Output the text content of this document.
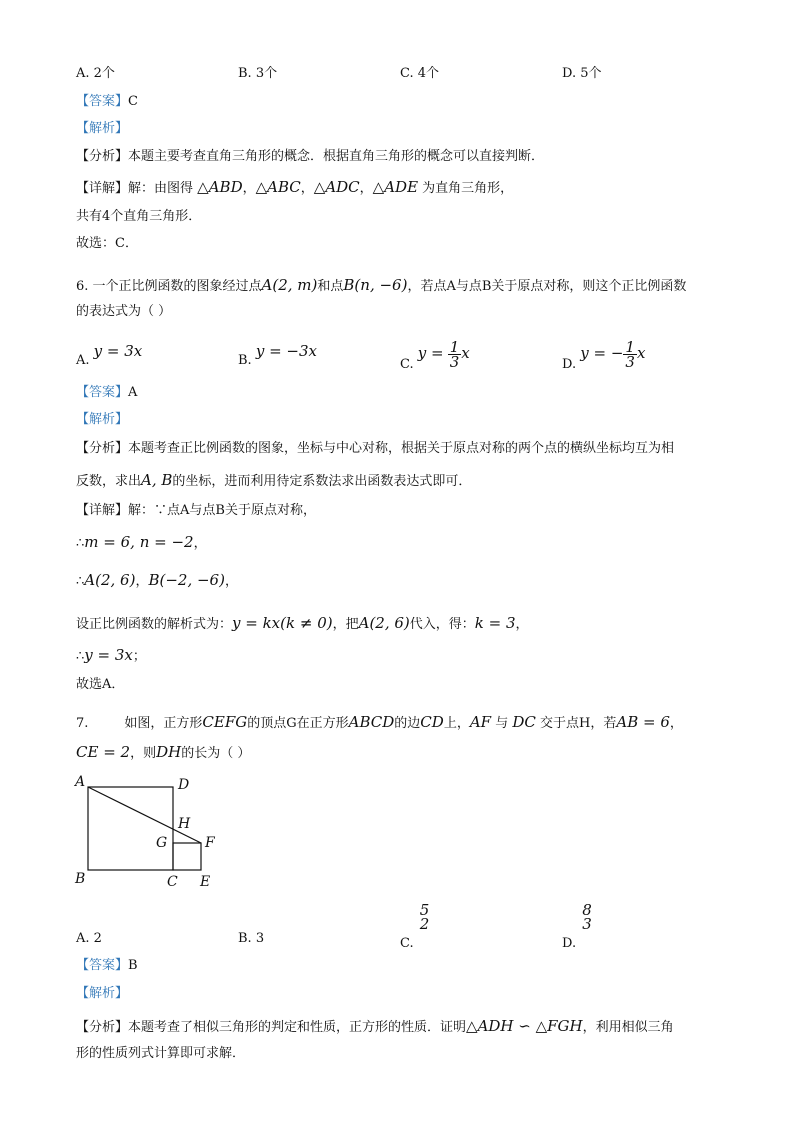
A. 2个	B. 3个	C. 4个	D. 5个
【答案】C
【解析】
【分析】本题主要考查直角三角形的概念．根据直角三角形的概念可以直接判断．
【详解】解：由图得 △ABD，△ABC，△ADC，△ADE 为直角三角形，
共有4个直角三角形．
故选：C．
6. 一个正比例函数的图象经过点A(2, m)和点B(n, −6)，若点A与点B关于原点对称，则这个正比例函数
的表达式为（ ）
A. y = 3x
B. y = −3x
C. $y = \frac{1}{3}$ x
D. y = − $\frac{1}{3}$ x
【答案】A
【解析】
【分析】本题考查正比例函数的图象，坐标与中心对称，根据关于原点对称的两个点的横纵坐标均互为相
反数，求出A, B的坐标，进而利用待定系数法求出函数表达式即可．
【详解】解：∵点A与点B关于原点对称，
∴m = 6, n = −2，
∴A(2, 6)，B(−2, −6)，
设正比例函数的解析式为：y = kx(k ≠ 0)，把A(2, 6)代入，得：k = 3，
∴y = 3x；
故选A．
7.	如图，正方形CEFG的顶点G在正方形ABCD的边CD上，AF 与 DC 交于点H，若AB = 6，
CE = 2，则DH的长为（ ）
A	D
H
G	F
B	C E
A. 2	B. 3	C.
5
2
D.
8
3
【答案】B
【解析】
【分析】本题考查了相似三角形的判定和性质，正方形的性质．证明△ADH ∽ △FGH，利用相似三角
形的性质列式计算即可求解．
